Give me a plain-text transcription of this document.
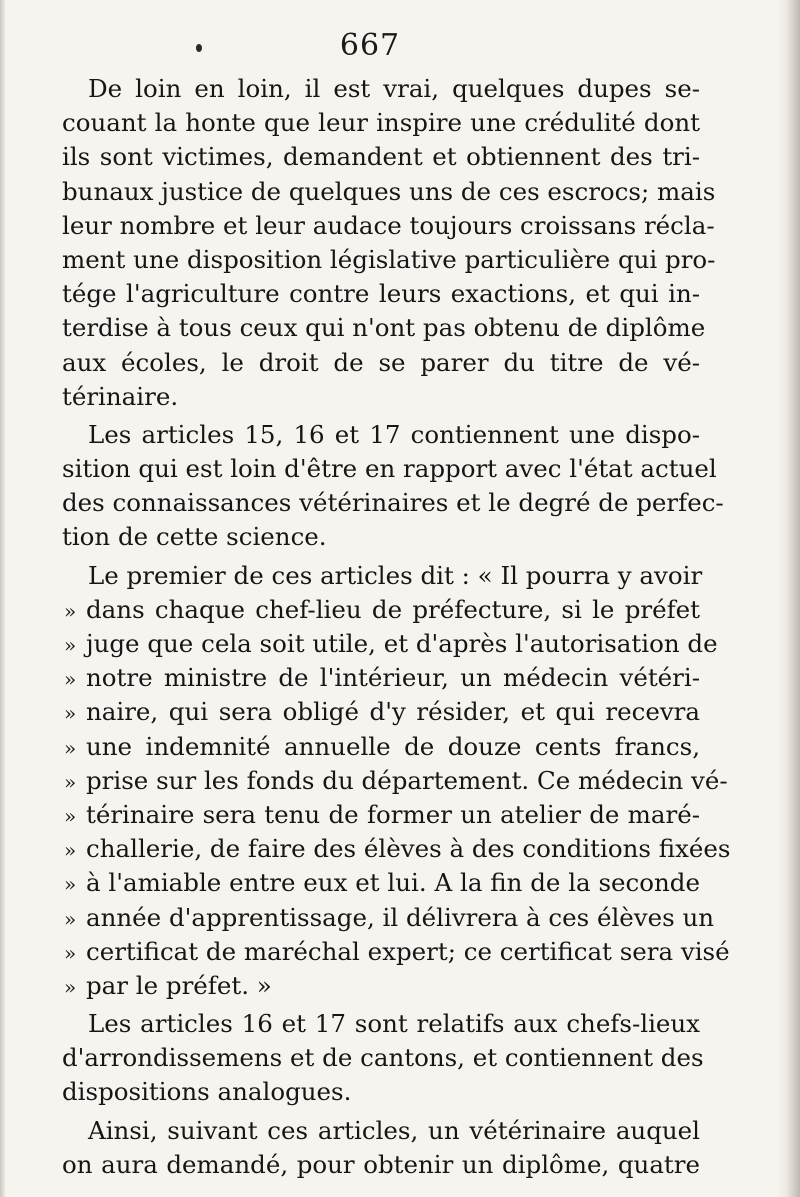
667
De loin en loin, il est vrai, quelques dupes se-
couant la honte que leur inspire une crédulité dont
ils sont victimes, demandent et obtiennent des tri-
bunaux justice de quelques uns de ces escrocs; mais
leur nombre et leur audace toujours croissans récla-
ment une disposition législative particulière qui pro-
tége l'agriculture contre leurs exactions, et qui in-
terdise à tous ceux qui n'ont pas obtenu de diplôme
aux écoles, le droit de se parer du titre de vé-
térinaire.
Les articles 15, 16 et 17 contiennent une dispo-
sition qui est loin d'être en rapport avec l'état actuel
des connaissances vétérinaires et le degré de perfec-
tion de cette science.
Le premier de ces articles dit : « Il pourra y avoir
» dans chaque chef-lieu de préfecture, si le préfet
» juge que cela soit utile, et d'après l'autorisation de
» notre ministre de l'intérieur, un médecin vétéri-
» naire, qui sera obligé d'y résider, et qui recevra
» une indemnité annuelle de douze cents francs,
» prise sur les fonds du département. Ce médecin vé-
» térinaire sera tenu de former un atelier de maré-
» challerie, de faire des élèves à des conditions fixées
» à l'amiable entre eux et lui. A la fin de la seconde
» année d'apprentissage, il délivrera à ces élèves un
» certificat de maréchal expert; ce certificat sera visé
» par le préfet. »
Les articles 16 et 17 sont relatifs aux chefs-lieux
d'arrondissemens et de cantons, et contiennent des
dispositions analogues.
Ainsi, suivant ces articles, un vétérinaire auquel
on aura demandé, pour obtenir un diplôme, quatre
